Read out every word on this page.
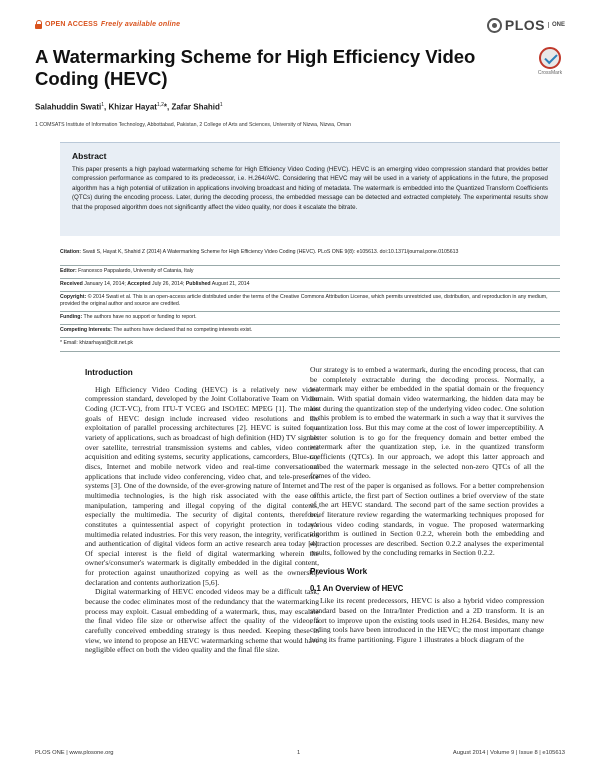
OPEN ACCESS Freely available online	PLOS	ONE
A Watermarking Scheme for High Efficiency Video Coding (HEVC)	CrossMark
Salahuddin Swati$^1$, Khizar Hayat$^{1,2}$*, Zafar Shahid$^1$
1 COMSATS Institute of Information Technology, Abbottabad, Pakistan, 2 College of Arts and Sciences, University of Nizwa, Nizwa, Oman
Abstract

This paper presents a high payload watermarking scheme for High Efficiency Video Coding (HEVC). HEVC is an emerging video compression standard that provides better compression performance as compared to its predecessor, i.e. H.264/AVC. Considering that HEVC may will be used in a variety of applications in the future, the proposed algorithm has a high potential of utilization in applications involving broadcast and hiding of metadata. The watermark is embedded into the Quantized Transform Coefficients (QTCs) during the encoding process. Later, during the decoding process, the embedded message can be detected and extracted completely. The experimental results show that the proposed algorithm does not significantly affect the video quality, nor does it escalate the bitrate.

Citation: Swati S, Hayat K, Shahid Z (2014) A Watermarking Scheme for High Efficiency Video Coding (HEVC). PLoS ONE 9(8): e105613. doi:10.1371/journal.pone.0105613

Editor: Francesco Pappalardo, University of Catania, Italy

Received January 14, 2014; Accepted July 26, 2014; Published August 21, 2014

Copyright: © 2014 Swati et al. This is an open-access article distributed under the terms of the Creative Commons Attribution License, which permits unrestricted use, distribution, and reproduction in any medium, provided the original author and source are credited.

Funding: The authors have no support or funding to report.

Competing Interests: The authors have declared that no competing interests exist.

* Email: khizarhayat@ciit.net.pk

Introduction

High Efficiency Video Coding (HEVC) is a relatively new video compression standard, developed by the Joint Collaborative Team on Video Coding (JCT-VC), from ITU-T VCEG and ISO/IEC MPEG [1]. The main goals of HEVC design include increased video resolutions and the exploitation of parallel processing architectures [2]. HEVC is suited for a variety of applications, such as broadcast of high definition (HD) TV signals over satellite, terrestrial transmission systems and cables, video content acquisition and editing systems, security applications, camcorders, Blue-ray discs, Internet and mobile network video and real-time conversational applications that include video conferencing, video chat, and tele-presence systems [3]. One of the downside, of the ever-growing nature of Internet and multimedia technologies, is the high risk associated with the ease of manipulation, tampering and illegal copying of the digital contents, especially the multimedia. The security of digital contents, therefore, constitutes a quintessential aspect of copyright protection in today's multimedia related industries. For this very reason, the integrity, verification and authentication of digital videos form an active research area today [4]. Of special interest is the field of digital watermarking wherein the owner's/consumer's watermark is digitally embedded in the digital content, for protection against unauthorized copying as well as the ownership declaration and contents authorization [5,6].

Digital watermarking of HEVC encoded videos may be a difficult task, because the codec eliminates most of the redundancy that the watermarking process may exploit. Casual embedding of a watermark, thus, may escalate the final video file size or otherwise affect the quality of the video; a carefully conceived embedding strategy is thus needed. Keeping these in view, we intend to propose an HEVC watermarking scheme that would have negligible effect on both the video quality and the final file size.

Our strategy is to embed a watermark, during the encoding process, that can be completely extractable during the decoding process. Normally, a watermark may either be embedded in the spatial domain or the frequency domain. With spatial domain video watermarking, the hidden data may be lost during the quantization step of the underlying video codec. One solution to this problem is to embed the watermark in such a way that it survives the quantization loss. But this may come at the cost of lower imperceptibility. A better solution is to go for the frequency domain and better embed the watermark after the quantization step, i.e. in the quantized transform coefficients (QTCs). In our approach, we adopt this latter approach and embed the watermark message in the selected non-zero QTCs of all the frames of the video.

The rest of the paper is organised as follows. For a better comprehension of this article, the first part of Section outlines a brief overview of the state of the art HEVC standard. The second part of the same section provides a brief literature review regarding the watermarking techniques proposed for various video coding standards, in vogue. The proposed watermarking algorithm is outlined in Section 0.2.2, wherein both the embedding and extraction processes are described. Section 0.2.2 analyses the experimental results, followed by the concluding remarks in Section 0.2.2.

Previous Work
0.1 An Overview of HEVC

Like its recent predecessors, HEVC is also a hybrid video compression standard based on the Intra/Inter Prediction and a 2D transform. It is an effort to improve upon the existing tools used in H.264. Besides, many new coding tools have been introduced in the HEVC; the most important change being its frame partitioning. Figure 1 illustrates a block diagram of the

PLOS ONE | www.plosone.org	1	August 2014 | Volume 9 | Issue 8 | e105613
